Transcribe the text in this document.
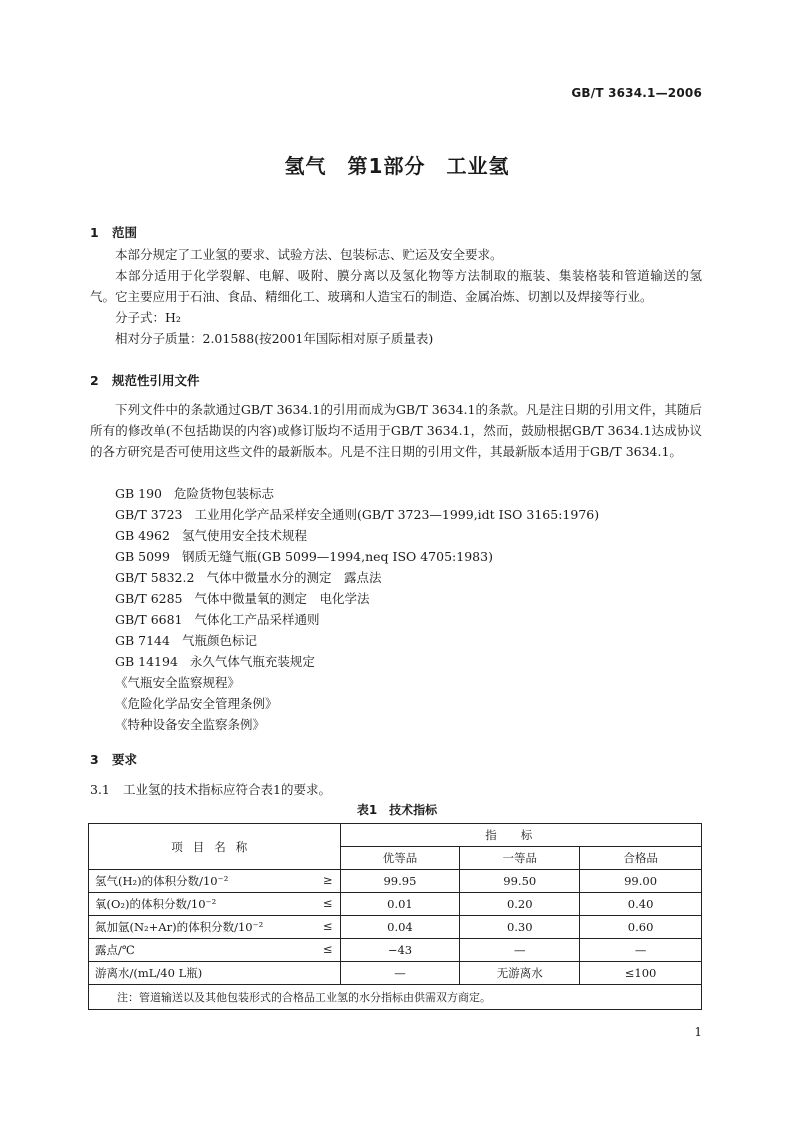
GB/T 3634.1—2006
氢气　第1部分　工业氢
1 范围

本部分规定了工业氢的要求、试验方法、包装标志、贮运及安全要求。

本部分适用于化学裂解、电解、吸附、膜分离以及氢化物等方法制取的瓶装、集装格装和管道输送的氢气。它主要应用于石油、食品、精细化工、玻璃和人造宝石的制造、金属冶炼、切割以及焊接等行业。

分子式：H₂

相对分子质量：2.01588(按2001年国际相对原子质量表)

2 规范性引用文件

下列文件中的条款通过GB/T 3634.1的引用而成为GB/T 3634.1的条款。凡是注日期的引用文件，其随后所有的修改单(不包括勘误的内容)或修订版均不适用于GB/T 3634.1，然而，鼓励根据GB/T 3634.1达成协议的各方研究是否可使用这些文件的最新版本。凡是不注日期的引用文件，其最新版本适用于GB/T 3634.1。

GB 190 危险货物包装标志
GB/T 3723 工业用化学产品采样安全通则(GB/T 3723—1999,idt ISO 3165:1976)
GB 4962 氢气使用安全技术规程
GB 5099 钢质无缝气瓶(GB 5099—1994,neq ISO 4705:1983)
GB/T 5832.2 气体中微量水分的测定　露点法
GB/T 6285 气体中微量氧的测定　电化学法
GB/T 6681 气体化工产品采样通则
GB 7144 气瓶颜色标记
GB 14194 永久气体气瓶充装规定
《气瓶安全监察规程》
《危险化学品安全管理条例》
《特种设备安全监察条例》
3 要求
3.1 工业氢的技术指标应符合表1的要求。
表1　技术指标
项目名称	指标		
	优等品	一等品	合格品
氢气(H₂)的体积分数/10⁻² ≥	99.95	99.50	99.00
氧(O₂)的体积分数/10⁻² ≤	0.01	0.20	0.40
氮加氩(N₂+Ar)的体积分数/10⁻² ≤	0.04	0.30	0.60
露点/℃ ≤	−43	—	—
游离水/(mL/40 L瓶)	—	无游离水	≤100
注：管道输送以及其他包装形式的合格品工业氢的水分指标由供需双方商定。			
1
